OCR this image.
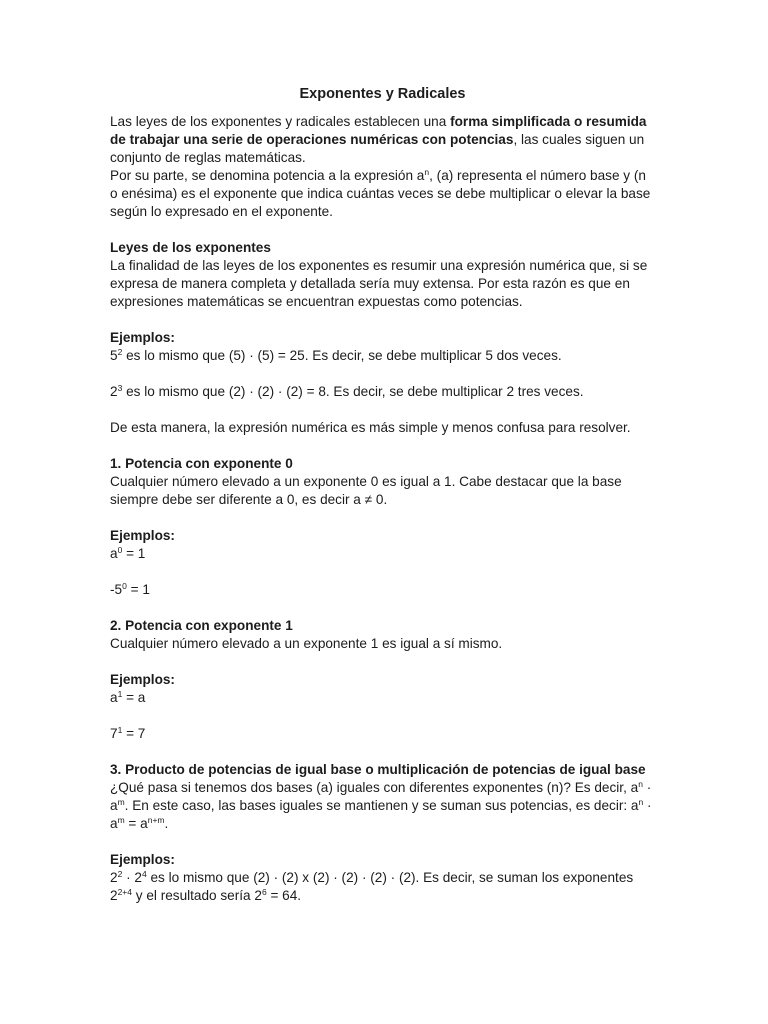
Exponentes y Radicales

Las leyes de los exponentes y radicales establecen una forma simplificada o resumida de trabajar una serie de operaciones numéricas con potencias, las cuales siguen un conjunto de reglas matemáticas.

Por su parte, se denomina potencia a la expresión $a^n$, (a) representa el número base y (n o enésima) es el exponente que indica cuántas veces se debe multiplicar o elevar la base según lo expresado en el exponente.

Leyes de los exponentes

La finalidad de las leyes de los exponentes es resumir una expresión numérica que, si se expresa de manera completa y detallada sería muy extensa. Por esta razón es que en expresiones matemáticas se encuentran expuestas como potencias.

Ejemplos:

$5^2$ es lo mismo que (5) · (5) = 25. Es decir, se debe multiplicar 5 dos veces.

$2^3$ es lo mismo que (2) · (2) · (2) = 8. Es decir, se debe multiplicar 2 tres veces.

De esta manera, la expresión numérica es más simple y menos confusa para resolver.

1. Potencia con exponente 0

Cualquier número elevado a un exponente 0 es igual a 1. Cabe destacar que la base siempre debe ser diferente a 0, es decir a ≠ 0.

Ejemplos:

$a^0 = 1$

$-5^0 = 1$

2. Potencia con exponente 1

Cualquier número elevado a un exponente 1 es igual a sí mismo.

Ejemplos:

$a^1 = a$

$7^1 = 7$

3. Producto de potencias de igual base o multiplicación de potencias de igual base

¿Qué pasa si tenemos dos bases (a) iguales con diferentes exponentes (n)? Es decir, $a^n \cdot a^m$. En este caso, las bases iguales se mantienen y se suman sus potencias, es decir: $a^n \cdot a^m = a^{n+m}$.

Ejemplos:

$2^2 \cdot 2^4$ es lo mismo que (2) · (2) x (2) · (2) · (2) · (2). Es decir, se suman los exponentes $2^{2+4}$ y el resultado sería $2^6 = 64$.
